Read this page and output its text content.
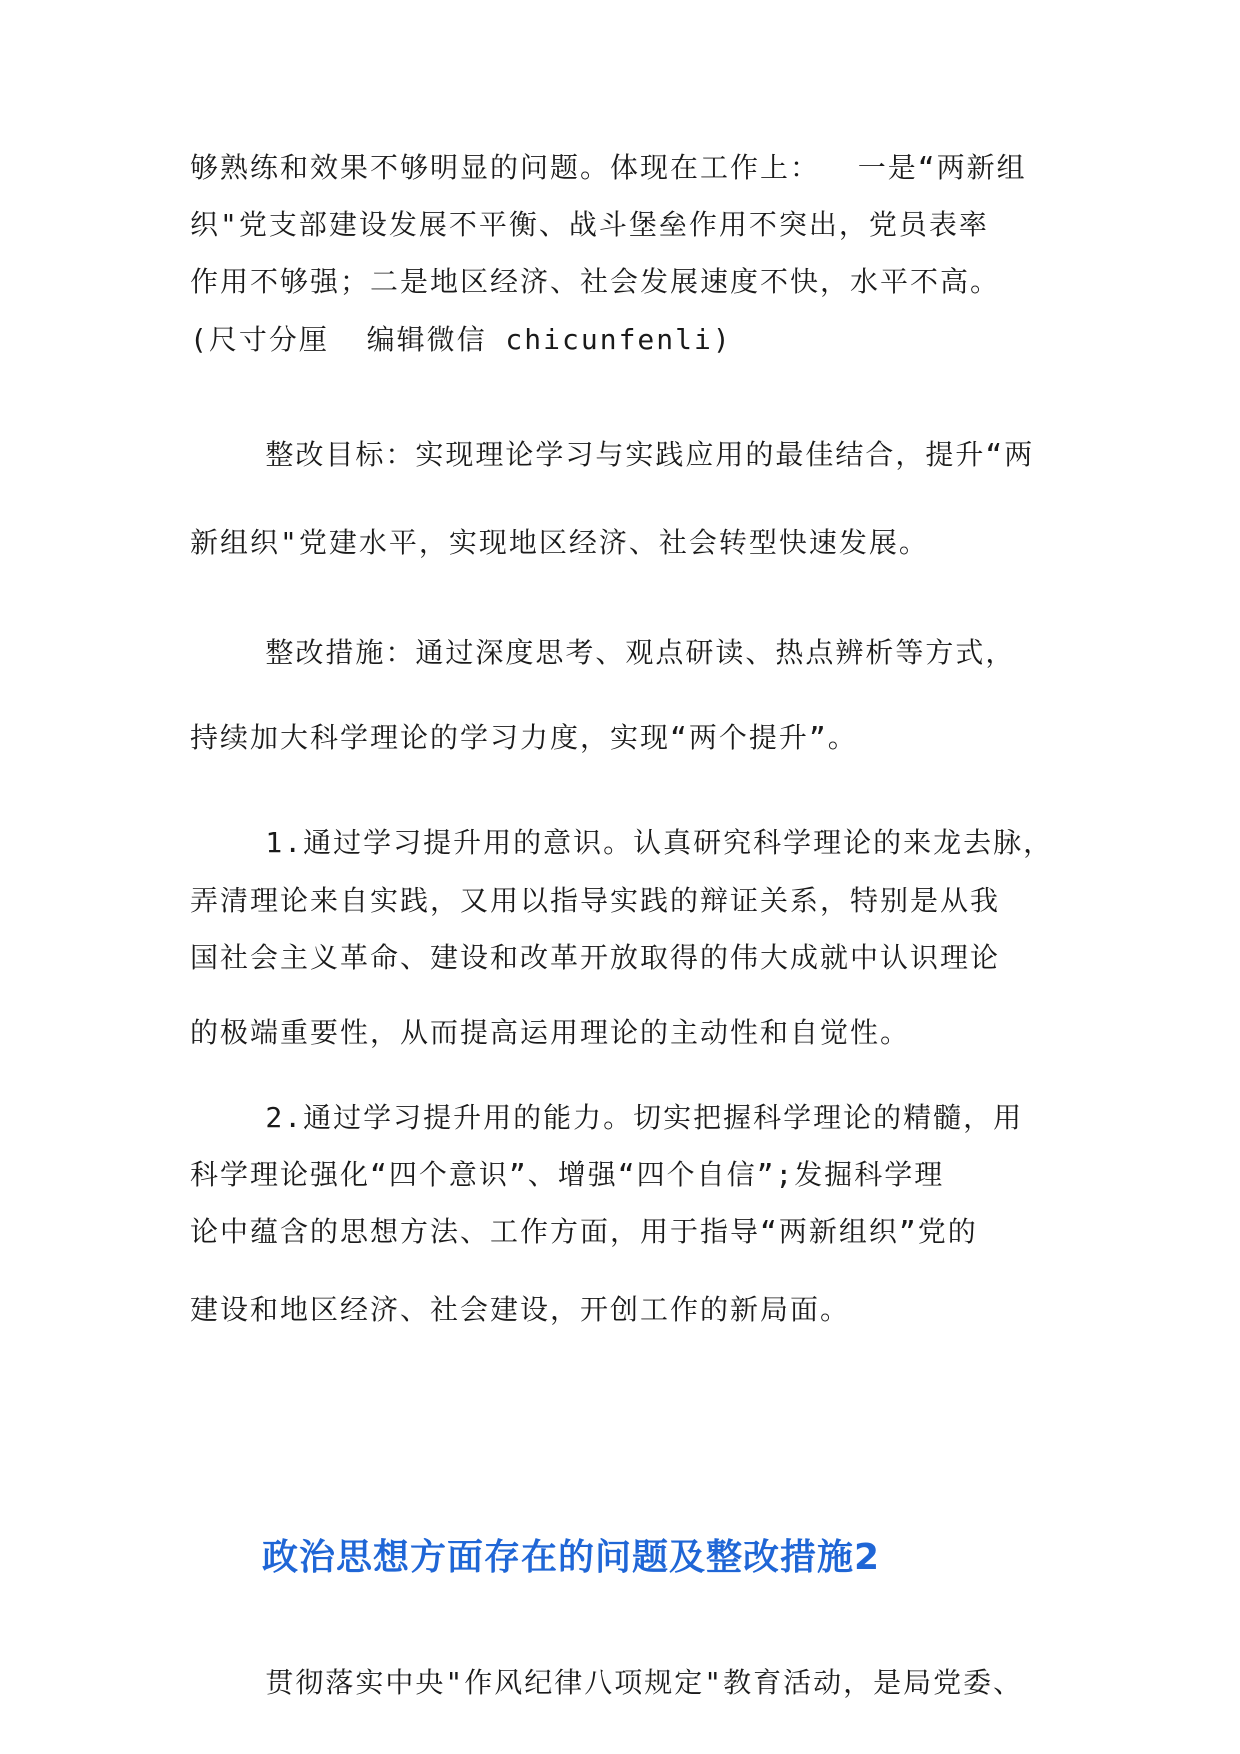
够熟练和效果不够明显的问题。体现在工作上：  一是“两新组
织"党支部建设发展不平衡、战斗堡垒作用不突出，党员表率
作用不够强；二是地区经济、社会发展速度不快，水平不高。
(尺寸分厘  编辑微信 chicunfenli)
整改目标：实现理论学习与实践应用的最佳结合，提升“两
新组织"党建水平，实现地区经济、社会转型快速发展。
整改措施：通过深度思考、观点研读、热点辨析等方式，
持续加大科学理论的学习力度，实现“两个提升”。
1.通过学习提升用的意识。认真研究科学理论的来龙去脉，
弄清理论来自实践，又用以指导实践的辩证关系，特别是从我
国社会主义革命、建设和改革开放取得的伟大成就中认识理论
的极端重要性，从而提高运用理论的主动性和自觉性。
2.通过学习提升用的能力。切实把握科学理论的精髓，用
科学理论强化“四个意识”、增强“四个自信”;发掘科学理
论中蕴含的思想方法、工作方面，用于指导“两新组织”党的
建设和地区经济、社会建设，开创工作的新局面。
政治思想方面存在的问题及整改措施2
贯彻落实中央"作风纪律八项规定"教育活动，是局党委、
